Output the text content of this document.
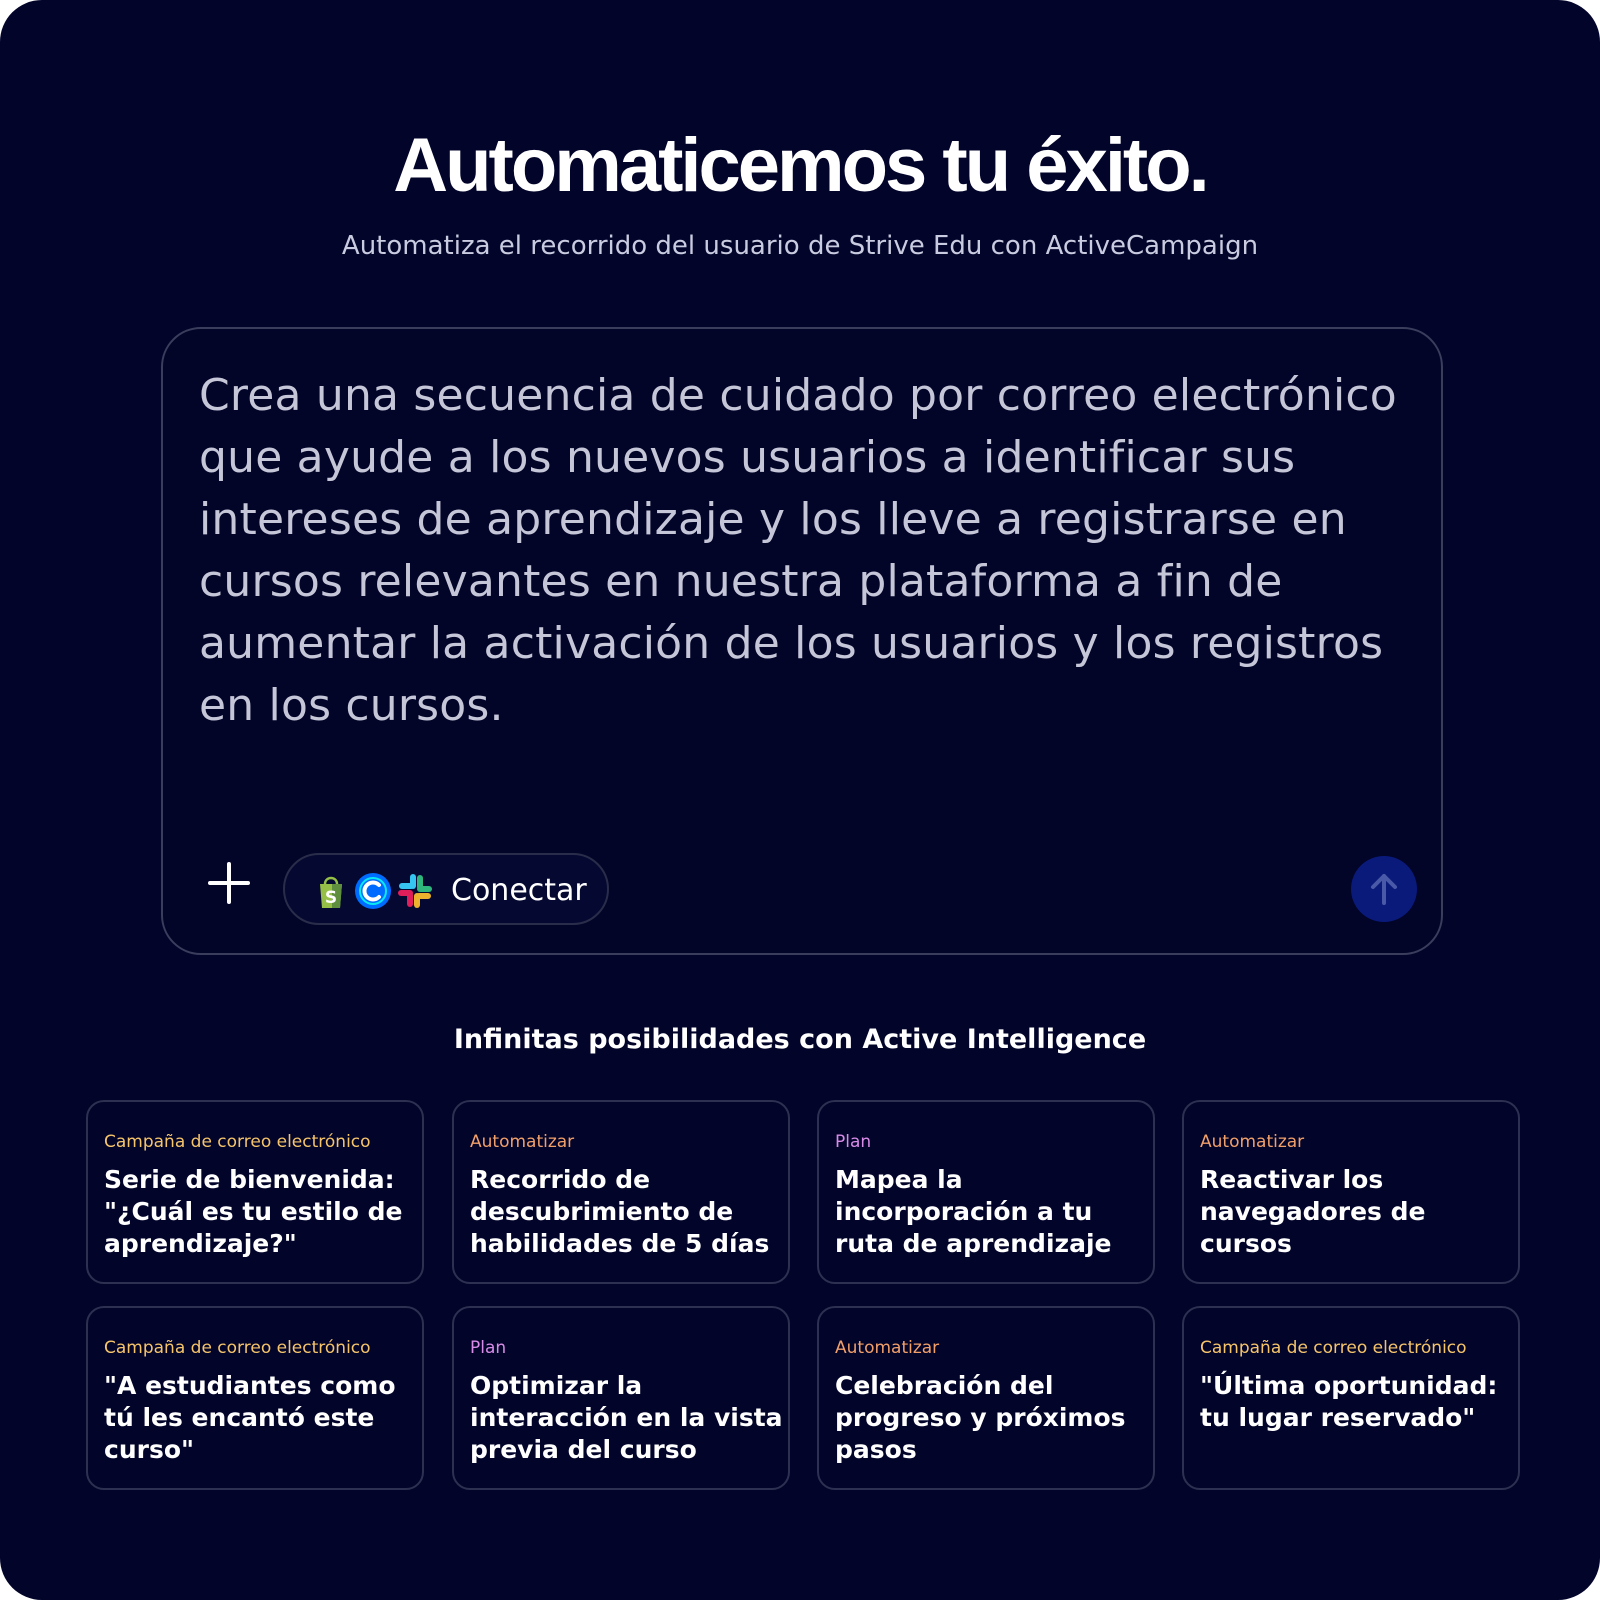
Automaticemos tu éxito.
Automatiza el recorrido del usuario de Strive Edu con ActiveCampaign
Crea una secuencia de cuidado por correo electrónico que ayude a los nuevos usuarios a identificar sus intereses de aprendizaje y los lleve a registrarse en cursos relevantes en nuestra plataforma a fin de aumentar la activación de los usuarios y los registros en los cursos.
S	Conectar
Infinitas posibilidades con Active Intelligence
Campaña de correo electrónico
Serie de bienvenida: "¿Cuál es tu estilo de aprendizaje?"
Automatizar
Recorrido de descubrimiento de habilidades de 5 días
Plan
Mapea la incorporación a tu ruta de aprendizaje
Automatizar
Reactivar los navegadores de cursos
Campaña de correo electrónico
"A estudiantes como tú les encantó este curso"
Plan
Optimizar la interacción en la vista previa del curso
Automatizar
Celebración del progreso y próximos pasos
Campaña de correo electrónico
"Última oportunidad: tu lugar reservado"
